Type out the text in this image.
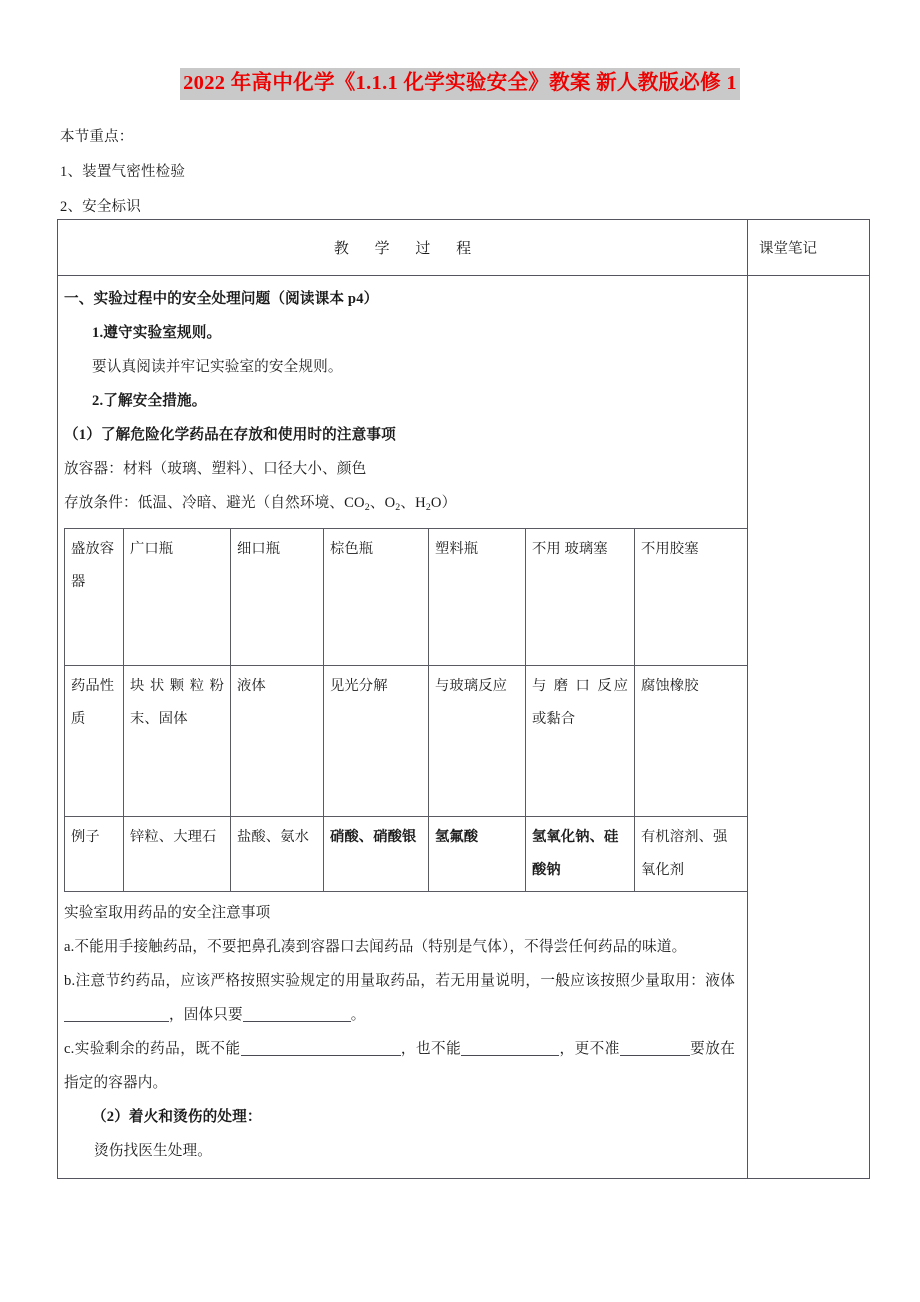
2022 年高中化学《1.1.1 化学实验安全》教案 新人教版必修 1

本节重点：

1、装置气密性检验

2、安全标识

教 学 过 程	课堂笔记

一、实验过程中的安全处理问题（阅读课本 p4）

1.遵守实验室规则。

要认真阅读并牢记实验室的安全规则。

2.了解安全措施。

（1）了解危险化学药品在存放和使用时的注意事项

放容器：材料（玻璃、塑料）、口径大小、颜色

存放条件：低温、冷暗、避光（自然环境、$CO_2$、$O_2$、$H_2O$）

盛放容器	广口瓶	细口瓶	棕色瓶	塑料瓶	不用 玻璃塞	不用胶塞
药品性质	块状颗粒粉末、固体	液体	见光分解	与玻璃反应	与 磨 口 反应或黏合	腐蚀橡胶
例子	锌粒、大理石	盐酸、氨水	硝酸、硝酸银	氢氟酸	氢氧化钠、硅酸钠	有机溶剂、强氧化剂

实验室取用药品的安全注意事项

a.不能用手接触药品，不要把鼻孔凑到容器口去闻药品（特别是气体），不得尝任何药品的味道。

b.注意节约药品，应该严格按照实验规定的用量取药品，若无用量说明，一般应该按照少量取用：液体，固体只要	。

c.实验剩余的药品，既不能	，也不能	，更不准	要放在指定的容器内。

（2）着火和烫伤的处理：

烫伤找医生处理。
